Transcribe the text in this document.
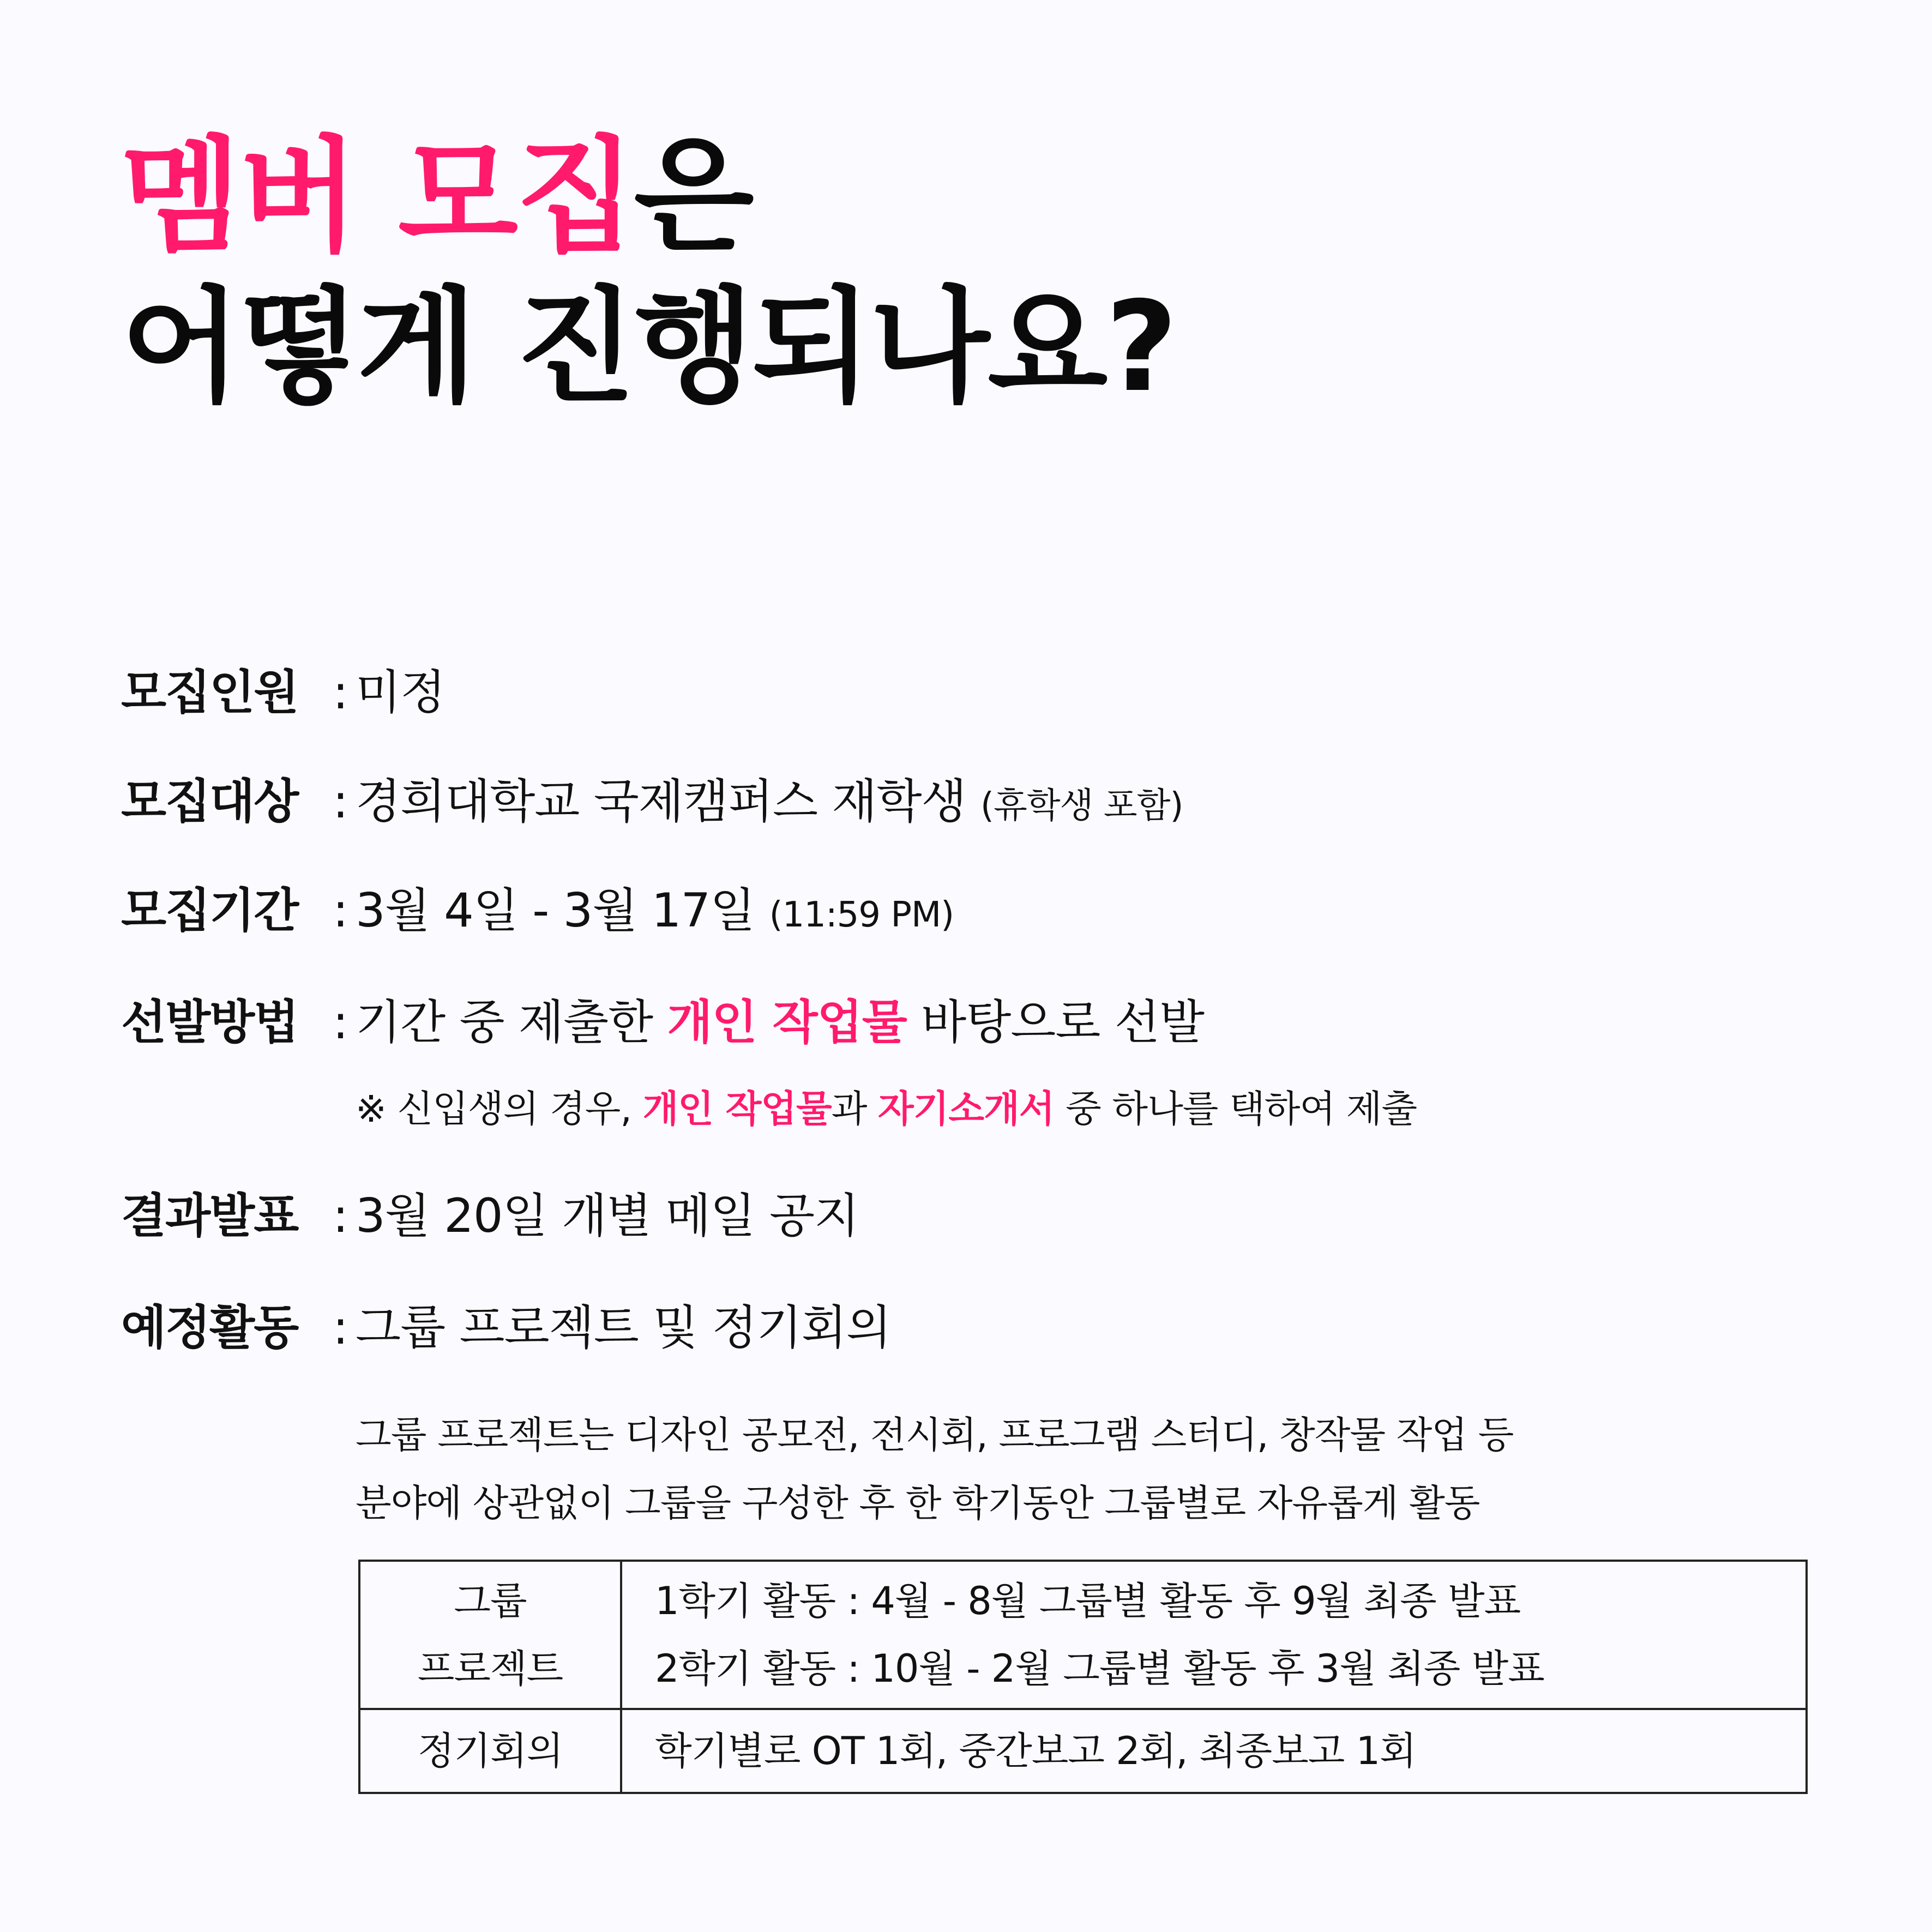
멤버 모집은
어떻게 진행되나요?
모집인원 : 미정
모집대상 : 경희대학교 국제캠퍼스 재학생 (휴학생 포함)
모집기간 : 3월 4일 - 3월 17일 (11:59 PM)
선발방법 : 기간 중 제출한 개인 작업물 바탕으로 선발
※ 신입생의 경우, 개인 작업물과 자기소개서 중 하나를 택하여 제출
결과발표 : 3월 20일 개별 메일 공지
예정활동 : 그룹 프로젝트 및 정기회의
그룹 프로젝트는 디자인 공모전, 전시회, 프로그램 스터디, 창작물 작업 등
분야에 상관없이 그룹을 구성한 후 한 학기동안 그룹별로 자유롭게 활동
그룹
프로젝트	1학기 활동 : 4월 - 8월 그룹별 활동 후 9월 최종 발표
2학기 활동 : 10월 - 2월 그룹별 활동 후 3월 최종 발표

정기회의	학기별로 OT 1회, 중간보고 2회, 최종보고 1회
